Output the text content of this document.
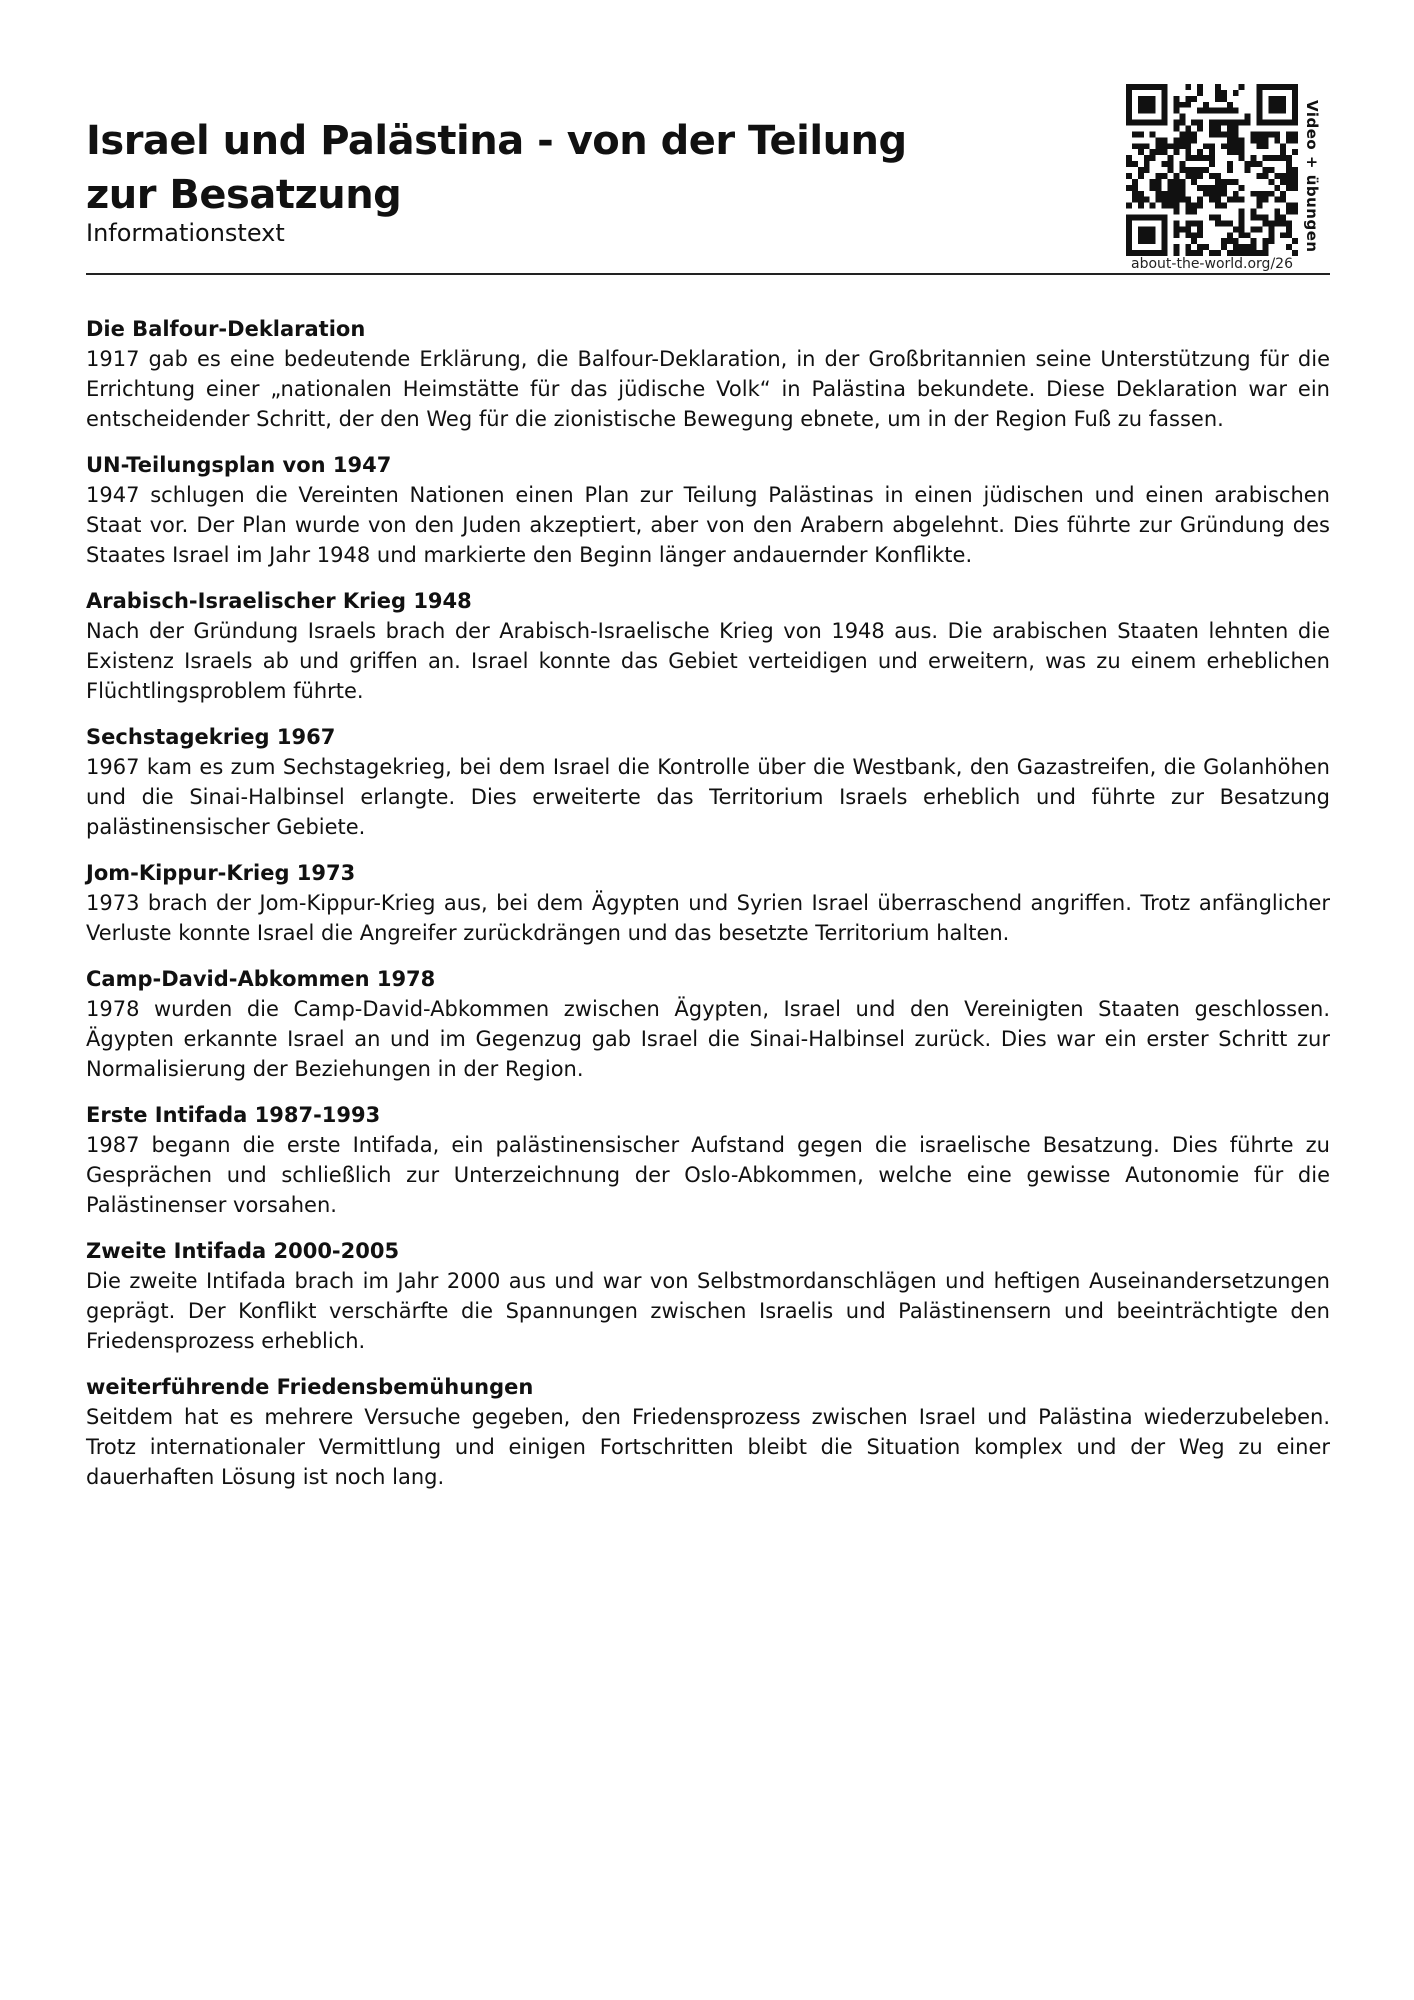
Israel und Palästina - von der Teilung zur Besatzung
Informationstext
about-the-world.org/26
Video + übungen
Die Balfour-Deklaration

1917 gab es eine bedeutende Erklärung, die Balfour-Deklaration, in der Großbritannien seine Unterstützung für die Errichtung einer „nationalen Heimstätte für das jüdische Volk“ in Palästina bekundete. Diese Deklaration war ein entscheidender Schritt, der den Weg für die zionistische Bewegung ebnete, um in der Region Fuß zu fassen.

UN-Teilungsplan von 1947

1947 schlugen die Vereinten Nationen einen Plan zur Teilung Palästinas in einen jüdischen und einen arabischen Staat vor. Der Plan wurde von den Juden akzeptiert, aber von den Arabern abgelehnt. Dies führte zur Gründung des Staates Israel im Jahr 1948 und markierte den Beginn länger andauernder Konflikte.

Arabisch-Israelischer Krieg 1948

Nach der Gründung Israels brach der Arabisch-Israelische Krieg von 1948 aus. Die arabischen Staaten lehnten die Existenz Israels ab und griffen an. Israel konnte das Gebiet verteidigen und erweitern, was zu einem erheblichen Flüchtlingsproblem führte.

Sechstagekrieg 1967

1967 kam es zum Sechstagekrieg, bei dem Israel die Kontrolle über die Westbank, den Gazastreifen, die Golanhöhen und die Sinai-Halbinsel erlangte. Dies erweiterte das Territorium Israels erheblich und führte zur Besatzung palästinensischer Gebiete.

Jom-Kippur-Krieg 1973

1973 brach der Jom-Kippur-Krieg aus, bei dem Ägypten und Syrien Israel überraschend angriffen. Trotz anfänglicher Verluste konnte Israel die Angreifer zurückdrängen und das besetzte Territorium halten.

Camp-David-Abkommen 1978

1978 wurden die Camp-David-Abkommen zwischen Ägypten, Israel und den Vereinigten Staaten geschlossen. Ägypten erkannte Israel an und im Gegenzug gab Israel die Sinai-Halbinsel zurück. Dies war ein erster Schritt zur Normalisierung der Beziehungen in der Region.

Erste Intifada 1987-1993

1987 begann die erste Intifada, ein palästinensischer Aufstand gegen die israelische Besatzung. Dies führte zu Gesprächen und schließlich zur Unterzeichnung der Oslo-Abkommen, welche eine gewisse Autonomie für die Palästinenser vorsahen.

Zweite Intifada 2000-2005

Die zweite Intifada brach im Jahr 2000 aus und war von Selbstmordanschlägen und heftigen Auseinandersetzungen geprägt. Der Konflikt verschärfte die Spannungen zwischen Israelis und Palästinensern und beeinträchtigte den Friedensprozess erheblich.

weiterführende Friedensbemühungen

Seitdem hat es mehrere Versuche gegeben, den Friedensprozess zwischen Israel und Palästina wiederzubeleben. Trotz internationaler Vermittlung und einigen Fortschritten bleibt die Situation komplex und der Weg zu einer dauerhaften Lösung ist noch lang.
